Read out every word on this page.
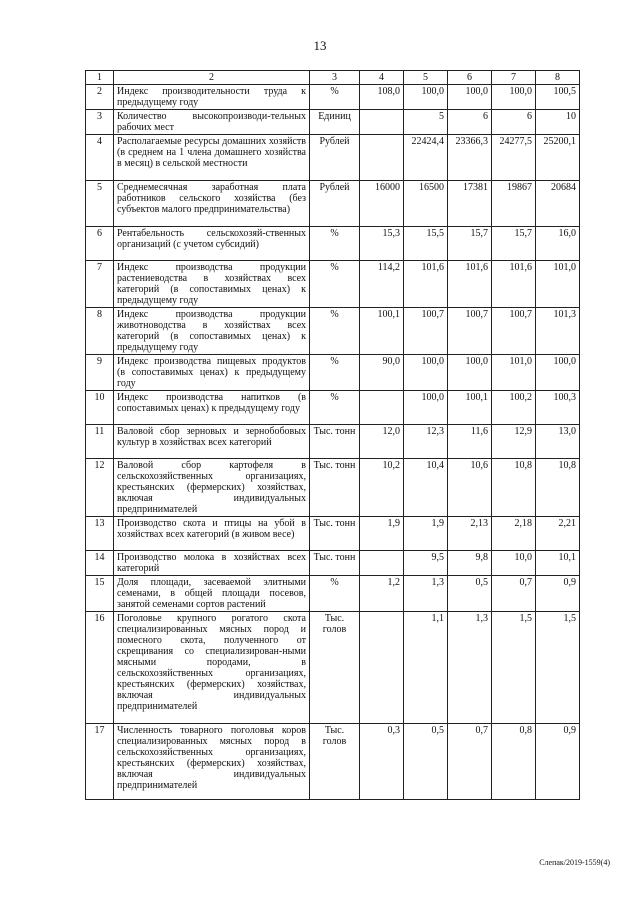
13
1	2	3	4	5	6	7	8
2	Индекс производительности труда к предыдущему году	%	108,0	100,0	100,0	100,0	100,5
3	Количество высокопроизводи-тельных рабочих мест	Единиц		5	6	6	10
4	Располагаемые ресурсы домашних хозяйств (в среднем на 1 члена домашнего хозяйства в месяц) в сельской местности	Рублей		22424,4	23366,3	24277,5	25200,1
5	Среднемесячная заработная плата работников сельского хозяйства (без субъектов малого предпринимательства)	Рублей	16000	16500	17381	19867	20684
6	Рентабельность сельскохозяй-ственных организаций (с учетом субсидий)	%	15,3	15,5	15,7	15,7	16,0
7	Индекс производства продукции растениеводства в хозяйствах всех категорий (в сопоставимых ценах) к предыдущему году	%	114,2	101,6	101,6	101,6	101,0
8	Индекс производства продукции животноводства в хозяйствах всех категорий (в сопоставимых ценах) к предыдущему году	%	100,1	100,7	100,7	100,7	101,3
9	Индекс производства пищевых продуктов (в сопоставимых ценах) к предыдущему году	%	90,0	100,0	100,0	101,0	100,0
10	Индекс производства напитков (в сопоставимых ценах) к предыдущему году	%		100,0	100,1	100,2	100,3
11	Валовой сбор зерновых и зернобобовых культур в хозяйствах всех категорий	Тыс. тонн	12,0	12,3	11,6	12,9	13,0
12	Валовой сбор картофеля в сельскохозяйственных организациях, крестьянских (фермерских) хозяйствах, включая индивидуальных предпринимателей	Тыс. тонн	10,2	10,4	10,6	10,8	10,8
13	Производство скота и птицы на убой в хозяйствах всех категорий (в живом весе)	Тыс. тонн	1,9	1,9	2,13	2,18	2,21
14	Производство молока в хозяйствах всех категорий	Тыс. тонн		9,5	9,8	10,0	10,1
15	Доля площади, засеваемой элитными семенами, в общей площади посевов, занятой семенами сортов растений	%	1,2	1,3	0,5	0,7	0,9
16	Поголовье крупного рогатого скота специализированных мясных пород и помесного скота, полученного от скрещивания со специализирован-ными мясными породами, в сельскохозяйственных организациях, крестьянских (фермерских) хозяйствах, включая индивидуальных предпринимателей	Тыс. голов		1,1	1,3	1,5	1,5
17	Численность товарного поголовья коров специализированных мясных пород в сельскохозяйственных организациях, крестьянских (фермерских) хозяйствах, включая индивидуальных предпринимателей	Тыс. голов	0,3	0,5	0,7	0,8	0,9
Слепак/2019-1559(4)
